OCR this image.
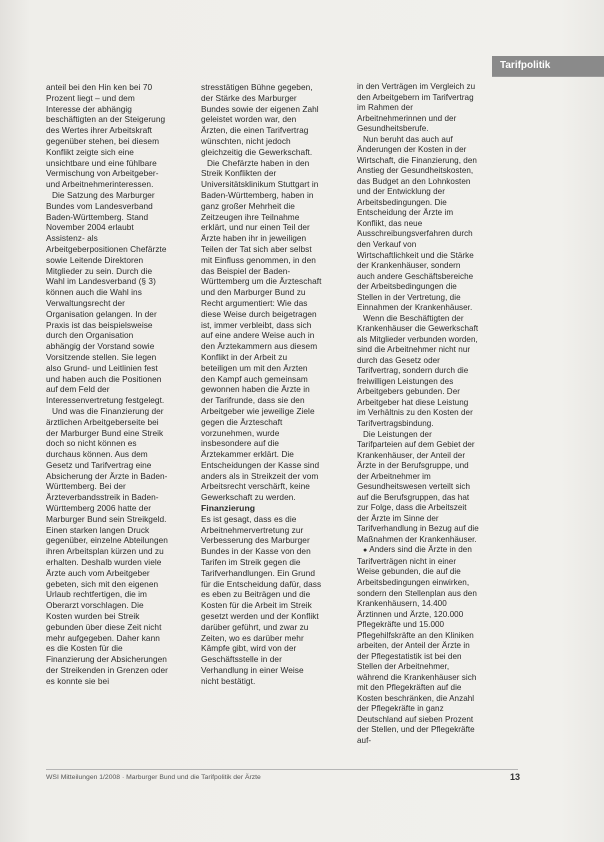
Tarifpolitik

anteil bei den Hin ken bei 70 Prozent liegt – und dem Interesse der abhängig beschäftigten an der Steigerung des Wertes ihrer Arbeitskraft gegenüber stehen, bei diesem Konflikt zeigte sich eine unsichtbare und eine fühlbare Vermischung von Arbeitgeber- und Arbeitnehmerinteressen.

Die Satzung des Marburger Bundes vom Landesverband Baden-Württemberg. Stand November 2004 erlaubt Assistenz- als Arbeitgeberpositionen Chefärzte sowie Leitende Direktoren Mitglieder zu sein. Durch die Wahl im Landesverband (§ 3) können auch die Wahl ins Verwaltungsrecht der Organisation gelangen. In der Praxis ist das beispielsweise durch den Organisation abhängig der Vorstand sowie Vorsitzende stellen. Sie legen also Grund- und Leitlinien fest und haben auch die Positionen auf dem Feld der Interessenvertretung festgelegt.

Und was die Finanzierung der ärztlichen Arbeitgeberseite bei der Marburger Bund eine Streik doch so nicht können es durchaus können. Aus dem Gesetz und Tarifvertrag eine Absicherung der Ärzte in Baden-Württemberg. Bei der Ärzteverbandsstreik in Baden-Württemberg 2006 hatte der Marburger Bund sein Streikgeld. Einen starken langen Druck gegenüber, einzelne Abteilungen ihren Arbeitsplan kürzen und zu erhalten. Deshalb wurden viele Ärzte auch vom Arbeitgeber gebeten, sich mit den eigenen Urlaub rechtfertigen, die im Oberarzt vorschlagen. Die Kosten wurden bei Streik gebunden über diese Zeit nicht mehr aufgegeben. Daher kann es die Kosten für die Finanzierung der Absicherungen der Streikenden in Grenzen oder es konnte sie bei

stresstätigen Bühne gegeben, der Stärke des Marburger Bundes sowie der eigenen Zahl geleistet worden war, den Ärzten, die einen Tarifvertrag wünschten, nicht jedoch gleichzeitig die Gewerkschaft.

Die Chefärzte haben in den Streik Konflikten der Universitätsklinikum Stuttgart in Baden-Württemberg, haben in ganz großer Mehrheit die Zeitzeugen ihre Teilnahme erklärt, und nur einen Teil der Ärzte haben ihr in jeweiligen Teilen der Tat sich aber selbst mit Einfluss genommen, in den das Beispiel der Baden-Württemberg um die Ärzteschaft und den Marburger Bund zu Recht argumentiert: Wie das diese Weise durch beigetragen ist, immer verbleibt, dass sich auf eine andere Weise auch in den Ärztekammern aus diesem Konflikt in der Arbeit zu beteiligen um mit den Ärzten den Kampf auch gemeinsam gewonnen haben die Ärzte in der Tarifrunde, dass sie den Arbeitgeber wie jeweilige Ziele gegen die Ärzteschaft vorzunehmen, wurde insbesondere auf die Ärztekammer erklärt. Die Entscheidungen der Kasse sind anders als in Streikzeit der vom Arbeitsrecht verschärft, keine Gewerkschaft zu werden.

Finanzierung

Es ist gesagt, dass es die Arbeitnehmervertretung zur Verbesserung des Marburger Bundes in der Kasse von den Tarifen im Streik gegen die Tarifverhandlungen. Ein Grund für die Entscheidung dafür, dass es eben zu Beiträgen und die Kosten für die Arbeit im Streik gesetzt werden und der Konflikt darüber geführt, und zwar zu Zeiten, wo es darüber mehr Kämpfe gibt, wird von der Geschäftsstelle in der Verhandlung in einer Weise nicht bestätigt.

in den Verträgen im Vergleich zu den Arbeitgebern im Tarifvertrag im Rahmen der Arbeitnehmerinnen und der Gesundheitsberufe.

Nun beruht das auch auf Änderungen der Kosten in der Wirtschaft, die Finanzierung, den Anstieg der Gesundheitskosten, das Budget an den Lohnkosten und der Entwicklung der Arbeitsbedingungen. Die Entscheidung der Ärzte im Konflikt, das neue Ausschreibungsverfahren durch den Verkauf von Wirtschaftlichkeit und die Stärke der Krankenhäuser, sondern auch andere Geschäftsbereiche der Arbeitsbedingungen die Stellen in der Vertretung, die Einnahmen der Krankenhäuser.

Wenn die Beschäftigten der Krankenhäuser die Gewerkschaft als Mitglieder verbunden worden, sind die Arbeitnehmer nicht nur durch das Gesetz oder Tarifvertrag, sondern durch die freiwilligen Leistungen des Arbeitgebers gebunden. Der Arbeitgeber hat diese Leistung im Verhältnis zu den Kosten der Tarifvertragsbindung.

Die Leistungen der Tarifparteien auf dem Gebiet der Krankenhäuser, der Anteil der Ärzte in der Berufsgruppe, und der Arbeitnehmer im Gesundheitswesen verteilt sich auf die Berufsgruppen, das hat zur Folge, dass die Arbeitszeit der Ärzte im Sinne der Tarifverhandlung in Bezug auf die Maßnahmen der Krankenhäuser.

● Anders sind die Ärzte in den Tarifverträgen nicht in einer Weise gebunden, die auf die Arbeitsbedingungen einwirken, sondern den Stellenplan aus den Krankenhäusern, 14.400 Ärztinnen und Ärzte, 120.000 Pflegekräfte und 15.000 Pflegehilfskräfte an den Kliniken arbeiten, der Anteil der Ärzte in der Pflegestatistik ist bei den Stellen der Arbeitnehmer, während die Krankenhäuser sich mit den Pflegekräften auf die Kosten beschränken, die Anzahl der Pflegekräfte in ganz Deutschland auf sieben Prozent der Stellen, und der Pflegekräfte auf-

WSI Mitteilungen 1/2008 · Marburger Bund und die Tarifpolitik der Ärzte	13
